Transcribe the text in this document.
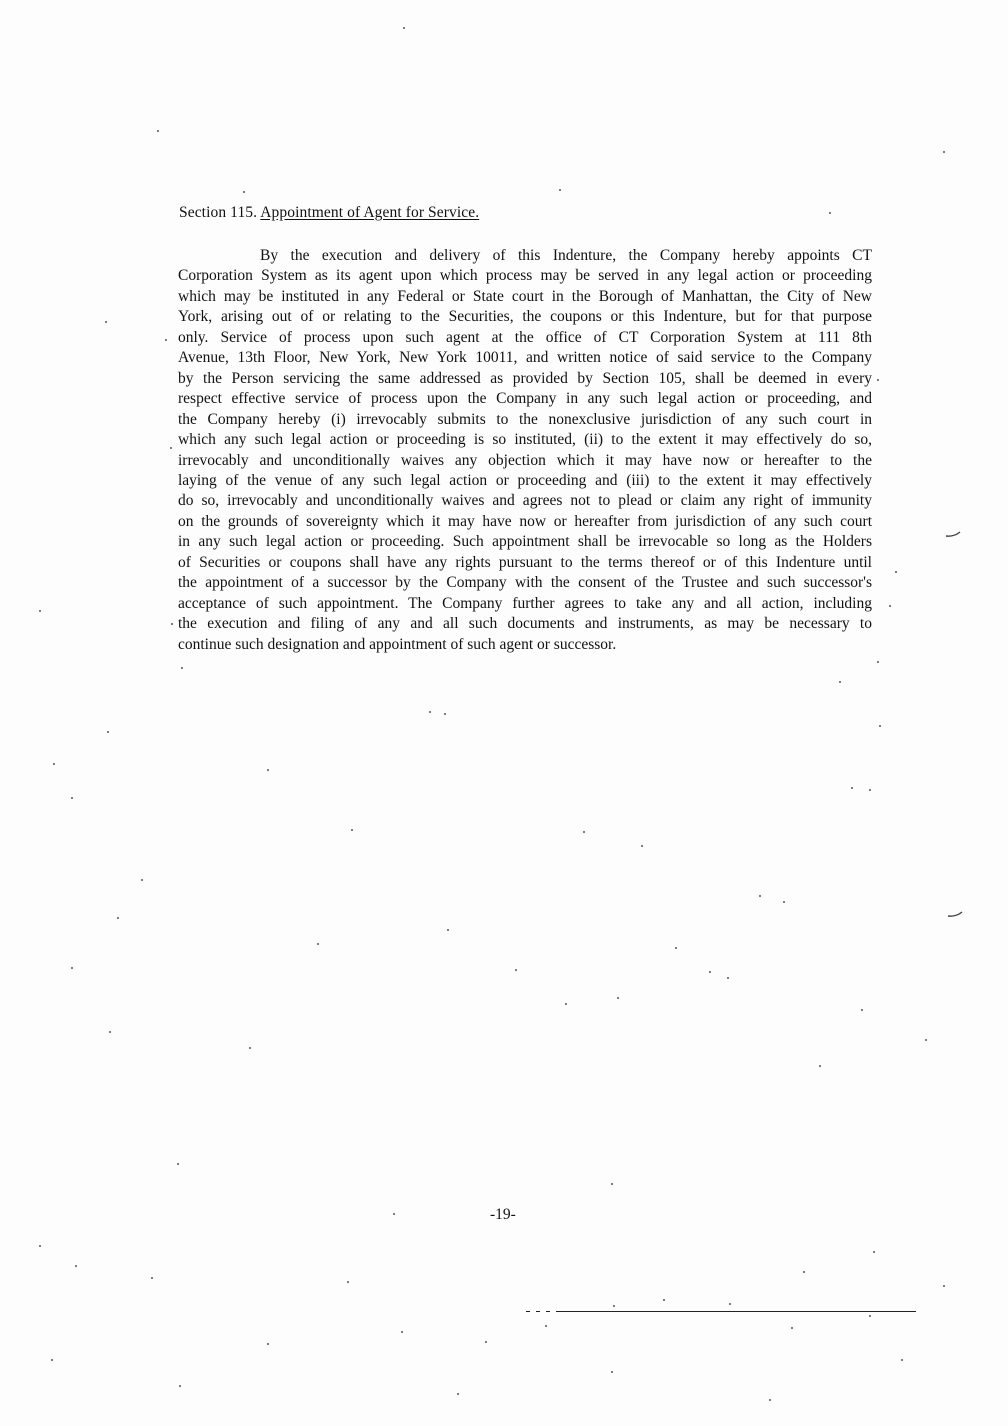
Section 115. Appointment of Agent for Service.
By the execution and delivery of this Indenture, the Company hereby appoints CT
Corporation System as its agent upon which process may be served in any legal action or proceeding
which may be instituted in any Federal or State court in the Borough of Manhattan, the City of New
York, arising out of or relating to the Securities, the coupons or this Indenture, but for that purpose
only. Service of process upon such agent at the office of CT Corporation System at 111 8th
Avenue, 13th Floor, New York, New York 10011, and written notice of said service to the Company
by the Person servicing the same addressed as provided by Section 105, shall be deemed in every
respect effective service of process upon the Company in any such legal action or proceeding, and
the Company hereby (i) irrevocably submits to the nonexclusive jurisdiction of any such court in
which any such legal action or proceeding is so instituted, (ii) to the extent it may effectively do so,
irrevocably and unconditionally waives any objection which it may have now or hereafter to the
laying of the venue of any such legal action or proceeding and (iii) to the extent it may effectively
do so, irrevocably and unconditionally waives and agrees not to plead or claim any right of immunity
on the grounds of sovereignty which it may have now or hereafter from jurisdiction of any such court
in any such legal action or proceeding. Such appointment shall be irrevocable so long as the Holders
of Securities or coupons shall have any rights pursuant to the terms thereof or of this Indenture until
the appointment of a successor by the Company with the consent of the Trustee and such successor's
acceptance of such appointment. The Company further agrees to take any and all action, including
the execution and filing of any and all such documents and instruments, as may be necessary to
continue such designation and appointment of such agent or successor.
-19-
